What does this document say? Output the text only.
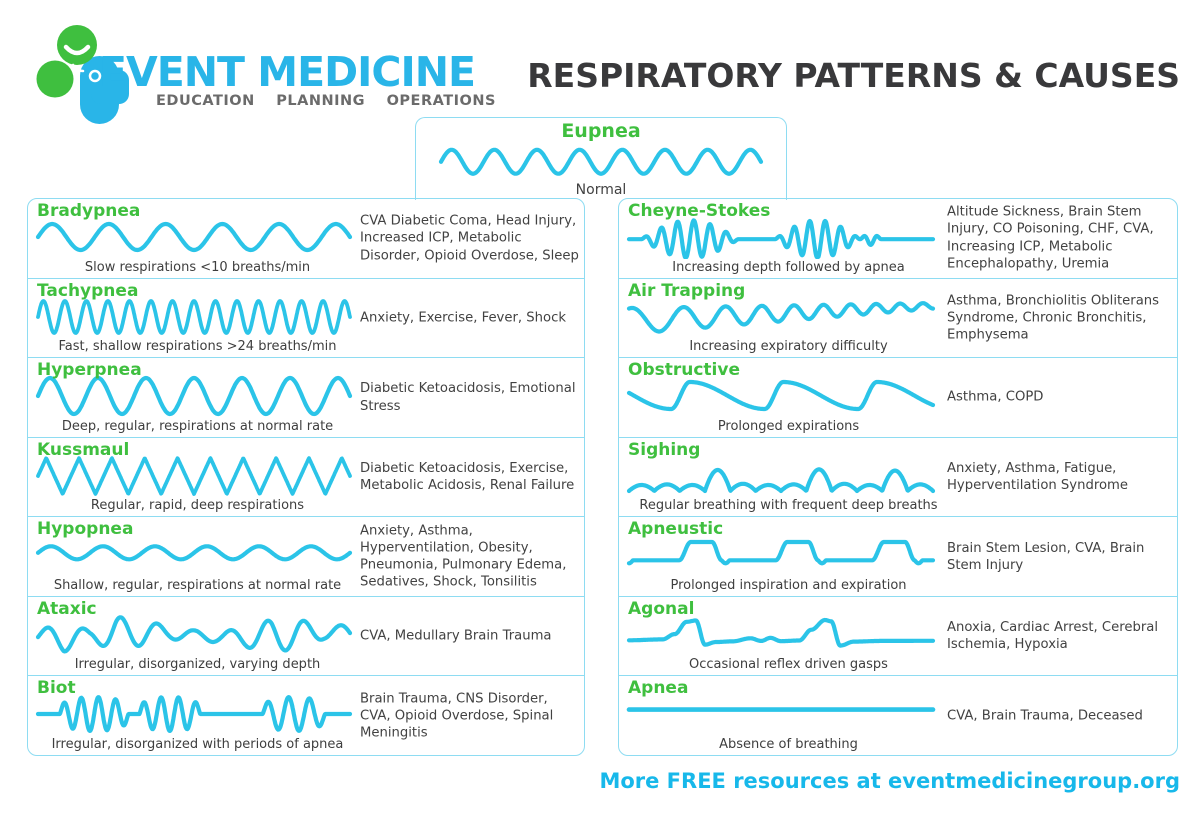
EVENT MEDICINE
EDUCATION PLANNING OPERATIONS
RESPIRATORY PATTERNS & CAUSES
Bradypnea
Slow respirations <10 breaths/min
CVA Diabetic Coma, Head Injury, Increased ICP, Metabolic Disorder, Opioid Overdose, Sleep
Tachypnea
Fast, shallow respirations >24 breaths/min
Anxiety, Exercise, Fever, Shock
Hyperpnea
Deep, regular, respirations at normal rate
Diabetic Ketoacidosis, Emotional Stress
Kussmaul
Regular, rapid, deep respirations
Diabetic Ketoacidosis, Exercise, Metabolic Acidosis, Renal Failure
Hypopnea
Shallow, regular, respirations at normal rate
Anxiety, Asthma, Hyperventilation, Obesity, Pneumonia, Pulmonary Edema, Sedatives, Shock, Tonsilitis
Ataxic
Irregular, disorganized, varying depth
CVA, Medullary Brain Trauma
Biot
Irregular, disorganized with periods of apnea
Brain Trauma, CNS Disorder, CVA, Opioid Overdose, Spinal Meningitis
Cheyne-Stokes
Increasing depth followed by apnea
Altitude Sickness, Brain Stem Injury, CO Poisoning, CHF, CVA, Increasing ICP, Metabolic Encephalopathy, Uremia
Air Trapping
Increasing expiratory difficulty
Asthma, Bronchiolitis Obliterans Syndrome, Chronic Bronchitis, Emphysema
Obstructive
Prolonged expirations
Asthma, COPD
Sighing
Regular breathing with frequent deep breaths
Anxiety, Asthma, Fatigue, Hyperventilation Syndrome
Apneustic
Prolonged inspiration and expiration
Brain Stem Lesion, CVA, Brain Stem Injury
Agonal
Occasional reflex driven gasps
Anoxia, Cardiac Arrest, Cerebral Ischemia, Hypoxia
Apnea
Absence of breathing
CVA, Brain Trauma, Deceased
Eupnea
Normal
More FREE resources at eventmedicinegroup.org
